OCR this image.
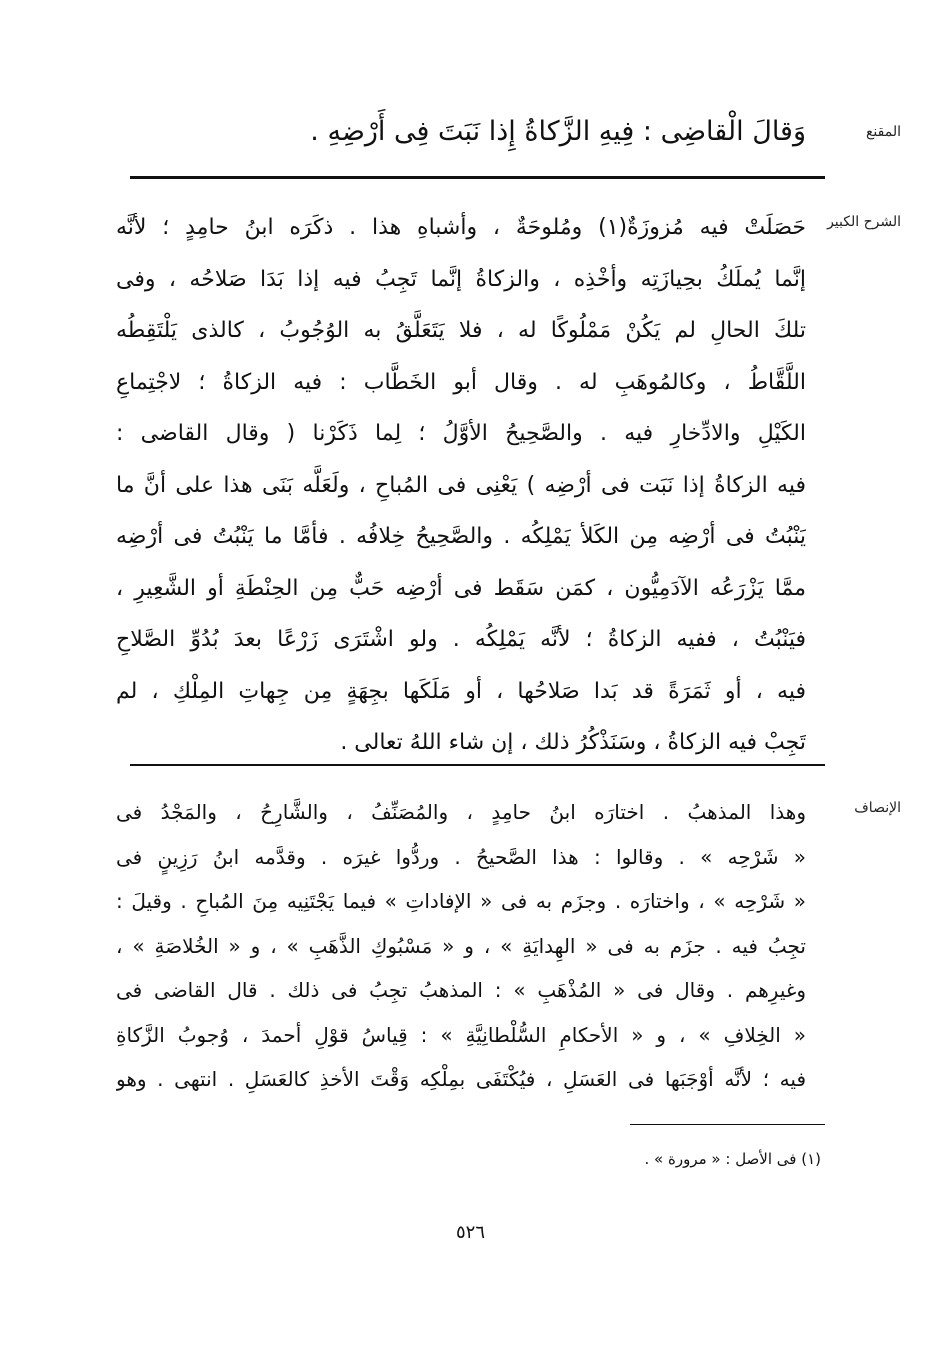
المقنع
وَقالَ الْقاضِى : فِيهِ الزَّكاةُ إِذا نَبَتَ فِى أَرْضِهِ .
الشرح الكبير
حَصَلَتْ فيه مُزوزَةٌ(١) ومُلوحَةٌ ، وأشباهِ هذا . ذكَرَه ابنُ حامِدٍ ؛ لأنَّه
إنَّما يُملَكُ بحِيازَتِه وأخْذِه ، والزكاةُ إنَّما تَجِبُ فيه إذا بَدَا صَلاحُه ، وفى
تلكَ الحالِ لم يَكُنْ مَمْلُوكًا له ، فلا يَتَعَلَّقُ به الوُجُوبُ ، كالذى يَلْتَقِطُه
اللَّقَّاطُ ، وكالمُوهَبِ له . وقال أبو الخَطَّاب : فيه الزكاةُ ؛ لاجْتِماعِ
الكَيْلِ والادِّخارِ فيه . والصَّحِيحُ الأوَّلُ ؛ لِما ذَكَرْنا ( وقال القاضى :
فيه الزكاةُ إذا نَبَت فى أرْضِه ) يَعْنِى فى المُباحِ ، ولَعَلَّه بَنَى هذا على أنَّ ما
يَنْبُتُ فى أرْضِه مِن الكَلأ يَمْلِكُه . والصَّحِيحُ خِلافُه . فأمَّا ما يَنْبُتُ فى أرْضِه
ممَّا يَزْرَعُه الآدَمِيُّون ، كمَن سَقَط فى أرْضِه حَبٌّ مِن الحِنْطَةِ أو الشَّعِيرِ ،
فيَنْبُتُ ، ففيه الزكاةُ ؛ لأنَّه يَمْلِكُه . ولو اشْتَرَى زَرْعًا بعدَ بُدُوِّ الصَّلاحِ
فيه ، أو ثَمَرَةً قد بَدا صَلاحُها ، أو مَلَكَها بجِهَةٍ مِن جِهاتِ المِلْكِ ، لم
تَجِبْ فيه الزكاةُ ، وسَنَذْكُرُ ذلك ، إن شاء اللهُ تعالى .
الإنصاف
وهذا المذهبُ . اختارَه ابنُ حامِدٍ ، والمُصَنِّفُ ، والشَّارِحُ ، والمَجْدُ فى
« شَرْحِه » . وقالوا : هذا الصَّحيحُ . وردُّوا غيرَه . وقدَّمه ابنُ رَزِينٍ فى
« شَرْحِه » ، واختارَه . وجزَم به فى « الإفاداتِ » فيما يَجْتَنِيه مِنَ المُباحِ . وقيلَ :
تجِبُ فيه . جزَم به فى « الهِدايَةِ » ، و « مَسْبُوكِ الذَّهَبِ » ، و « الخُلاصَةِ » ،
وغيرِهم . وقال فى « المُذْهَبِ » : المذهبُ تجِبُ فى ذلك . قال القاضى فى
« الخِلافِ » ، و « الأحكامِ السُّلْطانِيَّةِ » : قِياسُ قوْلِ أحمدَ ، وُجوبُ الزَّكاةِ
فيه ؛ لأنَّه أوْجَبَها فى العَسَلِ ، فيُكْتَفَى بمِلْكِه وَقْتَ الأخذِ كالعَسَلِ . انتهى . وهو
(١) فى الأصل : « مرورة » .
٥٢٦
